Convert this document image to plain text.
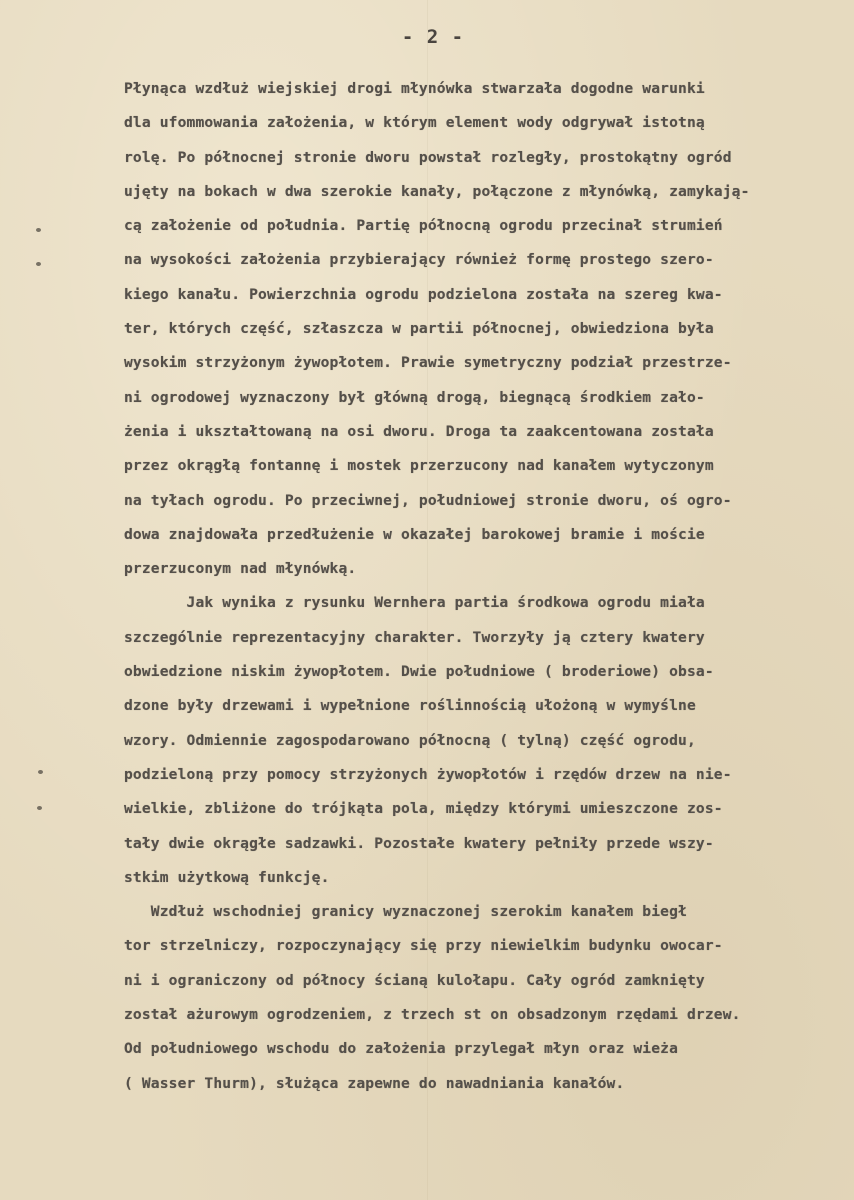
- 2 -
Płynąca wzdłuż wiejskiej drogi młynówka stwarzała dogodne warunki
dla ufommowania założenia, w którym element wody odgrywał istotną
rolę. Po północnej stronie dworu powstał rozległy, prostokątny ogród
ujęty na bokach w dwa szerokie kanały, połączone z młynówką, zamykają-
cą założenie od południa. Partię północną ogrodu przecinał strumień
na wysokości założenia przybierający również formę prostego szero-
kiego kanału. Powierzchnia ogrodu podzielona została na szereg kwa-
ter, których część, szłaszcza w partii północnej, obwiedziona była
wysokim strzyżonym żywopłotem. Prawie symetryczny podział przestrze-
ni ogrodowej wyznaczony był główną drogą, biegnącą środkiem zało-
żenia i ukształtowaną na osi dworu. Droga ta zaakcentowana została
przez okrągłą fontannę i mostek przerzucony nad kanałem wytyczonym
na tyłach ogrodu. Po przeciwnej, południowej stronie dworu, oś ogro-
dowa znajdowała przedłużenie w okazałej barokowej bramie i moście
przerzuconym nad młynówką.
Jak wynika z rysunku Wernhera partia środkowa ogrodu miała
szczególnie reprezentacyjny charakter. Tworzyły ją cztery kwatery
obwiedzione niskim żywopłotem. Dwie południowe ( broderiowe) obsa-
dzone były drzewami i wypełnione roślinnością ułożoną w wymyślne
wzory. Odmiennie zagospodarowano północną ( tylną) część ogrodu,
podzieloną przy pomocy strzyżonych żywopłotów i rzędów drzew na nie-
wielkie, zbliżone do trójkąta pola, między którymi umieszczone zos-
tały dwie okrągłe sadzawki. Pozostałe kwatery pełniły przede wszy-
stkim użytkową funkcję.
Wzdłuż wschodniej granicy wyznaczonej szerokim kanałem biegł
tor strzelniczy, rozpoczynający się przy niewielkim budynku owocar-
ni i ograniczony od północy ścianą kulołapu. Cały ogród zamknięty
został ażurowym ogrodzeniem, z trzech st on obsadzonym rzędami drzew.
Od południowego wschodu do założenia przylegał młyn oraz wieża
( Wasser Thurm), służąca zapewne do nawadniania kanałów.
